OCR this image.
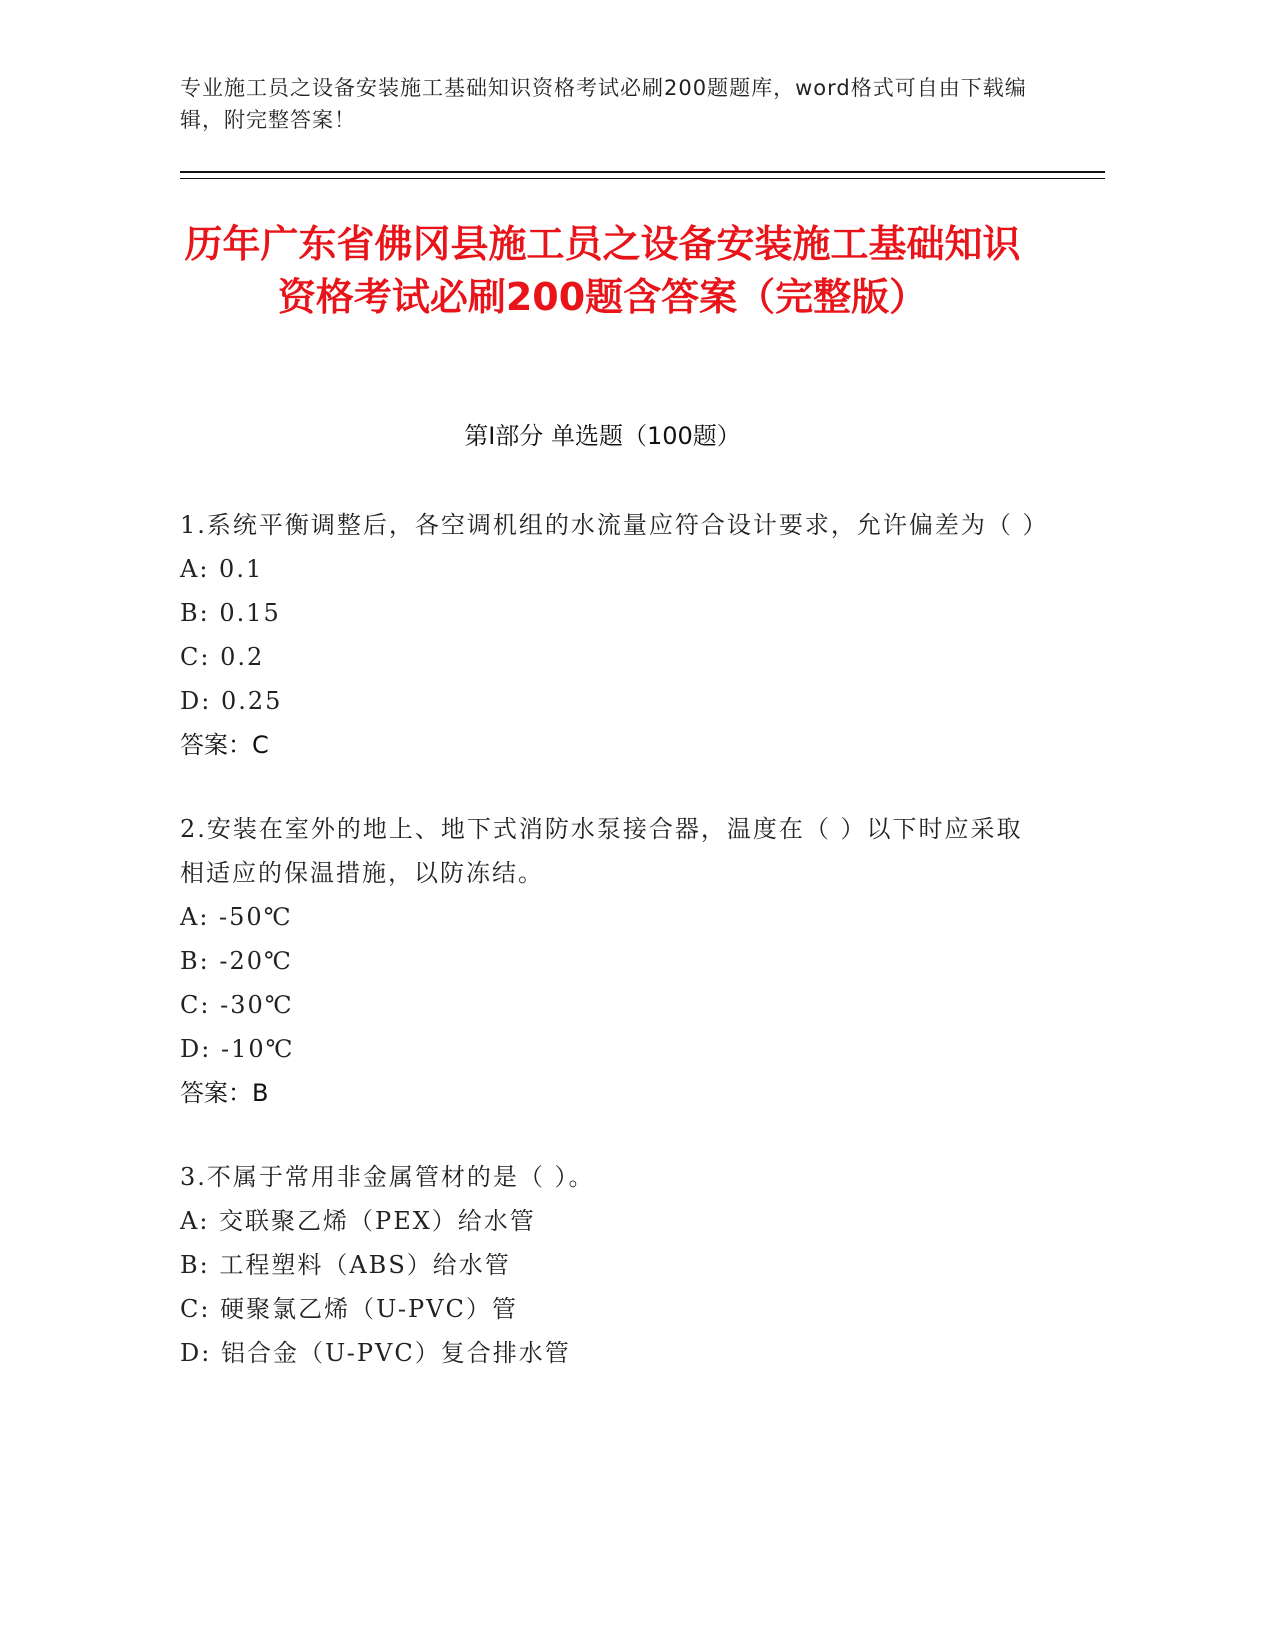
专业施工员之设备安装施工基础知识资格考试必刷200题题库，word格式可自由下载编辑，附完整答案！
历年广东省佛冈县施工员之设备安装施工基础知识资格考试必刷200题含答案（完整版）
第I部分 单选题（100题）
1.系统平衡调整后，各空调机组的水流量应符合设计要求，允许偏差为（ ）
A: 0.1
B: 0.15
C: 0.2
D: 0.25
答案：C
2.安装在室外的地上、地下式消防水泵接合器，温度在（ ）以下时应采取相适应的保温措施，以防冻结。
A: -50℃
B: -20℃
C: -30℃
D: -10℃
答案：B
3.不属于常用非金属管材的是（ ）。
A: 交联聚乙烯（PEX）给水管
B: 工程塑料（ABS）给水管
C: 硬聚氯乙烯（U-PVC）管
D: 铝合金（U-PVC）复合排水管
